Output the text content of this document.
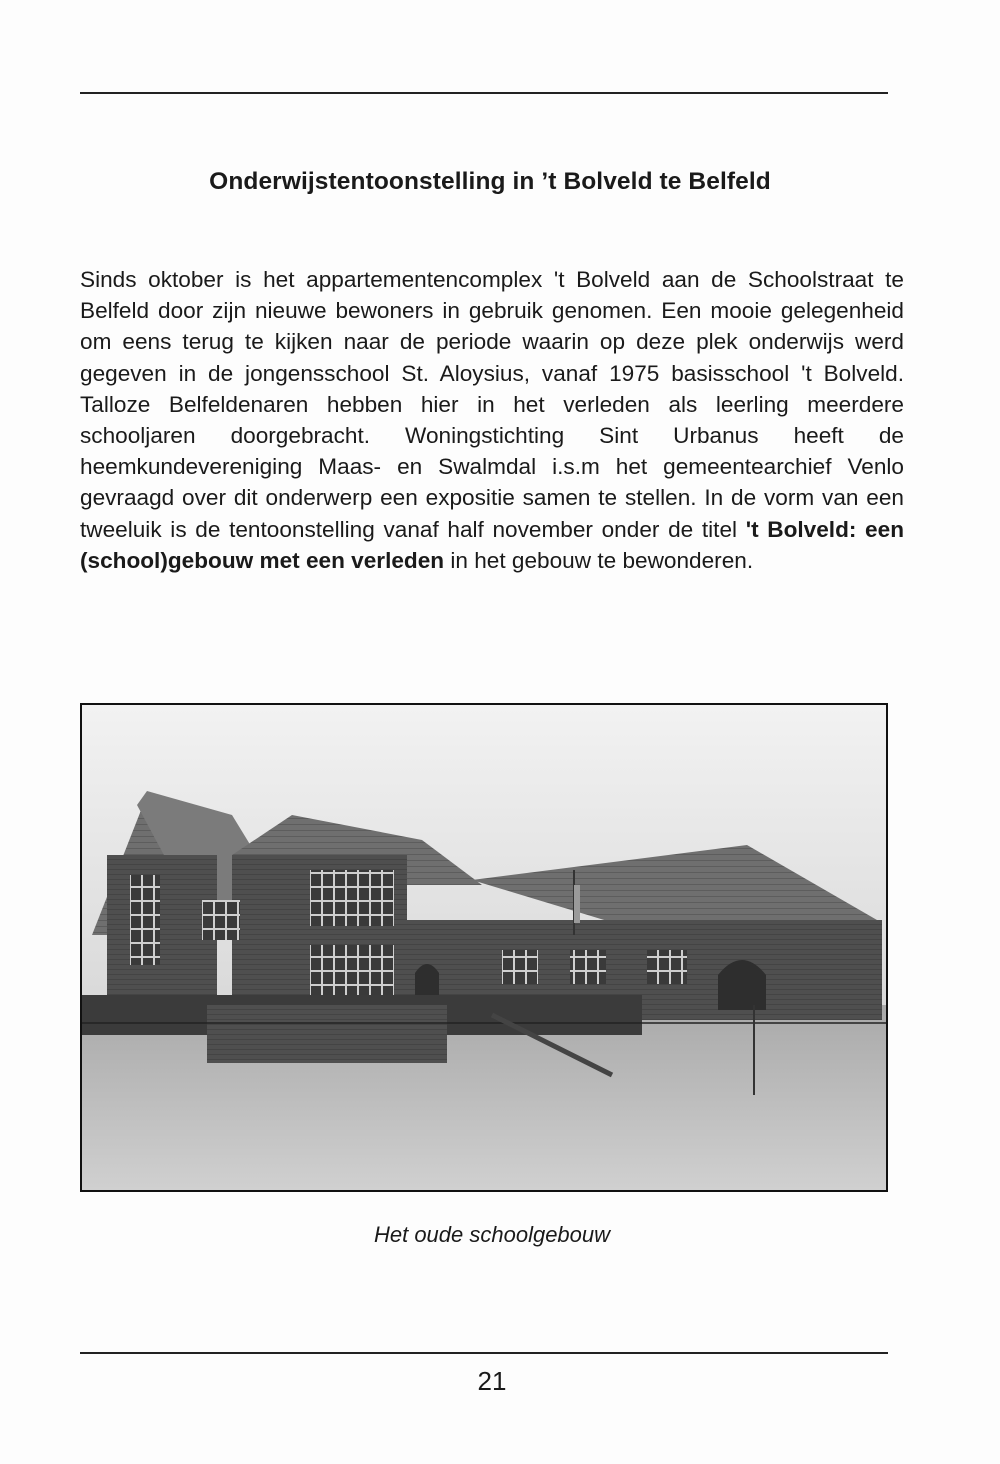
Onderwijstentoonstelling in ’t Bolveld te Belfeld

Sinds oktober is het appartementencomplex 't Bolveld aan de Schoolstraat te Belfeld door zijn nieuwe bewoners in gebruik genomen. Een mooie gelegenheid om eens terug te kijken naar de periode waarin op deze plek onderwijs werd gegeven in de jongensschool St. Aloysius, vanaf 1975 basisschool 't Bolveld. Talloze Belfeldenaren hebben hier in het verleden als leerling meerdere schooljaren doorgebracht. Woningstichting Sint Urbanus heeft de heemkundevereniging Maas- en Swalmdal i.s.m het gemeentearchief Venlo gevraagd over dit onderwerp een expositie samen te stellen. In de vorm van een tweeluik is de tentoonstelling vanaf half november onder de titel 't Bolveld: een (school)gebouw met een verleden in het gebouw te bewonderen.

Het oude schoolgebouw

21
